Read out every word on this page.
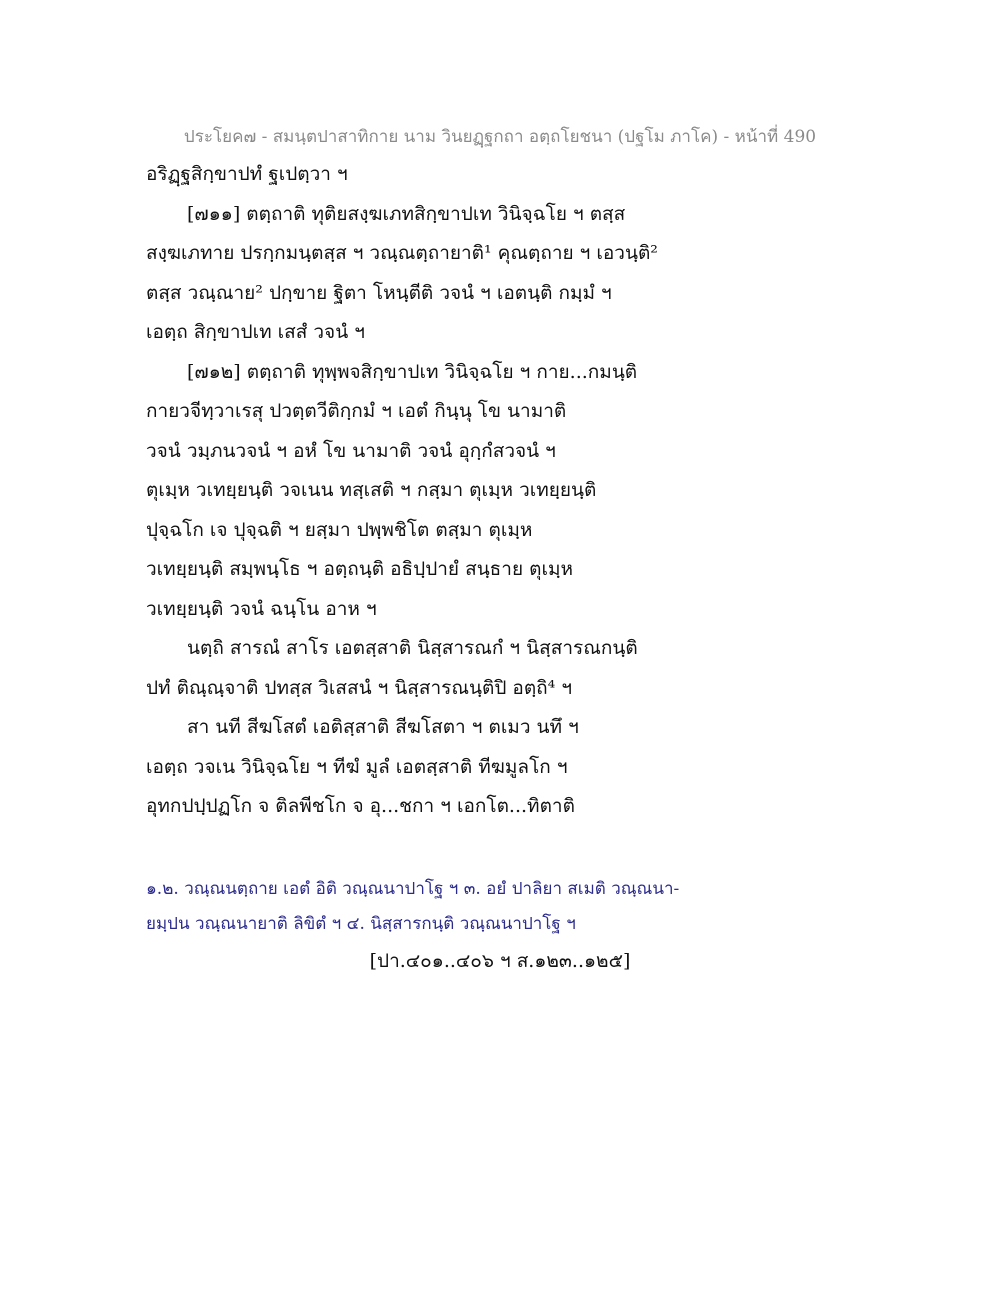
ประโยค๗ - สมนฺตปาสาทิกาย นาม วินยฏฺฐกถา อตฺถโยชนา (ปฐโม ภาโค) - หน้าที่ 490
อริฏฺฐสิกฺขาปทํ ฐเปตฺวา ฯ
[๗๑๑] ตตฺถาติ ทุติยสงฺฆเภทสิกฺขาปเท วินิจฺฉโย ฯ ตสฺส
สงฺฆเภทาย ปรกฺกมนฺตสฺส ฯ วณฺณตฺถายาติ¹ คุณตฺถาย ฯ เอวนฺติ²
ตสฺส วณฺณาย² ปกฺขาย ฐิตา โหนฺตีติ วจนํ ฯ เอตนฺติ กมฺมํ ฯ
เอตฺถ สิกฺขาปเท เสสํ วจนํ ฯ
[๗๑๒] ตตฺถาติ ทุพฺพจสิกฺขาปเท วินิจฺฉโย ฯ กาย...กมนฺติ
กายวจีทฺวาเรสุ ปวตฺตวีติกฺกมํ ฯ เอตํ กินฺนุ โข นามาติ
วจนํ วมฺภนวจนํ ฯ อหํ โข นามาติ วจนํ อุกฺกํสวจนํ ฯ
ตุเมฺห วเทยฺยนฺติ วจเนน ทสฺเสติ ฯ กสฺมา ตุเมฺห วเทยฺยนฺติ
ปุจฺฉโก เจ ปุจฺฉติ ฯ ยสฺมา ปพฺพชิโต ตสฺมา ตุเมฺห
วเทยฺยนฺติ สมฺพนฺโธ ฯ อตฺถนฺติ อธิปฺปายํ สนฺธาย ตุเมฺห
วเทยฺยนฺติ วจนํ ฉนฺโน อาห ฯ
นตฺถิ สารณํ สาโร เอตสฺสาติ นิสฺสารณกํ ฯ นิสฺสารณกนฺติ
ปทํ ติณฺณฺจาติ ปทสฺส วิเสสนํ ฯ นิสฺสารณนฺติปิ อตฺถิ⁴ ฯ
สา นที สีฆโสตํ เอติสฺสาติ สีฆโสตา ฯ ตเมว นทึ ฯ
เอตฺถ วจเน วินิจฺฉโย ฯ ทีฆํ มูลํ เอตสฺสาติ ทีฆมูลโก ฯ
อุทกปปฺปฏโก จ ติลพีชโก จ อุ...ชกา ฯ เอกโต...ทิตาติ
๑.๒. วณฺณนตฺถาย เอตํ อิติ วณฺณนาปาโฐ ฯ ๓. อยํ ปาลิยา สเมติ วณฺณนา-
ยมฺปน วณฺณนายาติ ลิขิตํ ฯ ๔. นิสฺสารกนฺติ วณฺณนาปาโฐ ฯ
[ปา.๔๐๑..๔๐๖ ฯ ส.๑๒๓..๑๒๕]
